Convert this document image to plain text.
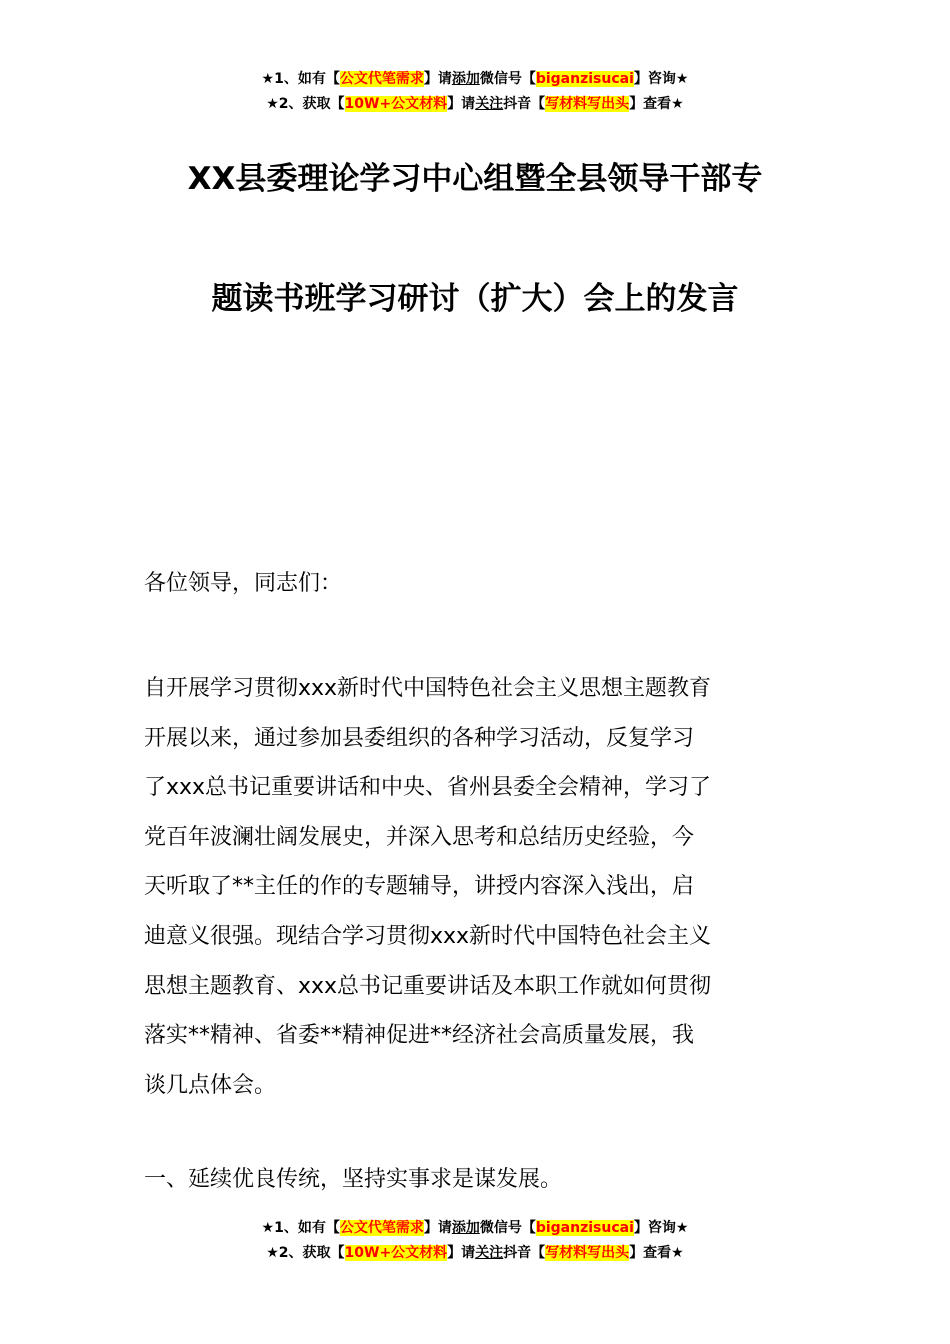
★1、如有【公文代笔需求】请添加微信号【biganzisucai】咨询★
★2、获取【10W+公文材料】请关注抖音【写材料写出头】查看★
XX县委理论学习中心组暨全县领导干部专
题读书班学习研讨（扩大）会上的发言
各位领导，同志们：
自开展学习贯彻xxx新时代中国特色社会主义思想主题教育
开展以来，通过参加县委组织的各种学习活动，反复学习
了xxx总书记重要讲话和中央、省州县委全会精神，学习了
党百年波澜壮阔发展史，并深入思考和总结历史经验，今
天听取了**主任的作的专题辅导，讲授内容深入浅出，启
迪意义很强。现结合学习贯彻xxx新时代中国特色社会主义
思想主题教育、xxx总书记重要讲话及本职工作就如何贯彻
落实**精神、省委**精神促进**经济社会高质量发展，我
谈几点体会。
一、延续优良传统，坚持实事求是谋发展。
★1、如有【公文代笔需求】请添加微信号【biganzisucai】咨询★
★2、获取【10W+公文材料】请关注抖音【写材料写出头】查看★
